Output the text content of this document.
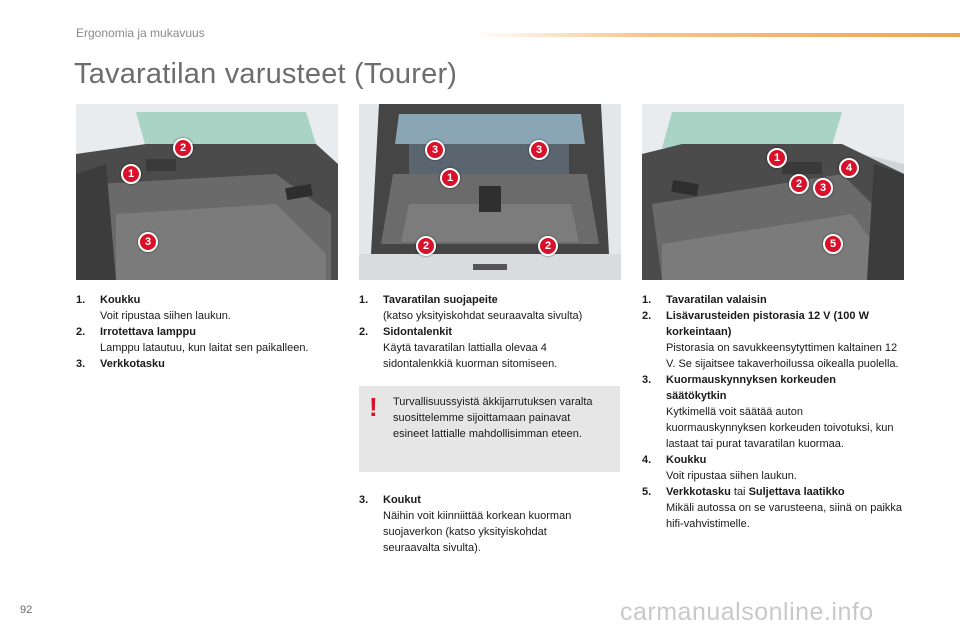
Ergonomia ja mukavuus
Tavaratilan varusteet (Tourer)
1
2
3
1
2	2
3	3
1
2	3
4
5
1. Koukku
Voit ripustaa siihen laukun.
2. Irrotettava lamppu
Lamppu latautuu, kun laitat sen paikalleen.
3. Verkkotasku
1. Tavaratilan suojapeite
(katso yksityiskohdat seuraavalta sivulta)
2. Sidontalenkit
Käytä tavaratilan lattialla olevaa 4 sidontalenkkiä kuorman sitomiseen.
! Turvallisuussyistä äkkijarrutuksen varalta suosittelemme sijoittamaan painavat esineet lattialle mahdollisimman eteen.
3. Koukut
Näihin voit kiinniittää korkean kuorman suojaverkon (katso yksityiskohdat seuraavalta sivulta).
1. Tavaratilan valaisin
2. Lisävarusteiden pistorasia 12 V (100 W korkeintaan)
Pistorasia on savukkeensytyttimen kaltainen 12 V. Se sijaitsee takaverhoilussa oikealla puolella.
3. Kuormauskynnyksen korkeuden säätökytkin
Kytkimellä voit säätää auton kuormauskynnyksen korkeuden toivotuksi, kun lastaat tai purat tavaratilan kuormaa.
4. Koukku
Voit ripustaa siihen laukun.
5. Verkkotasku tai Suljettava laatikko
Mikäli autossa on se varusteena, siinä on paikka hifi-vahvistimelle.
92	carmanualsonline.info
